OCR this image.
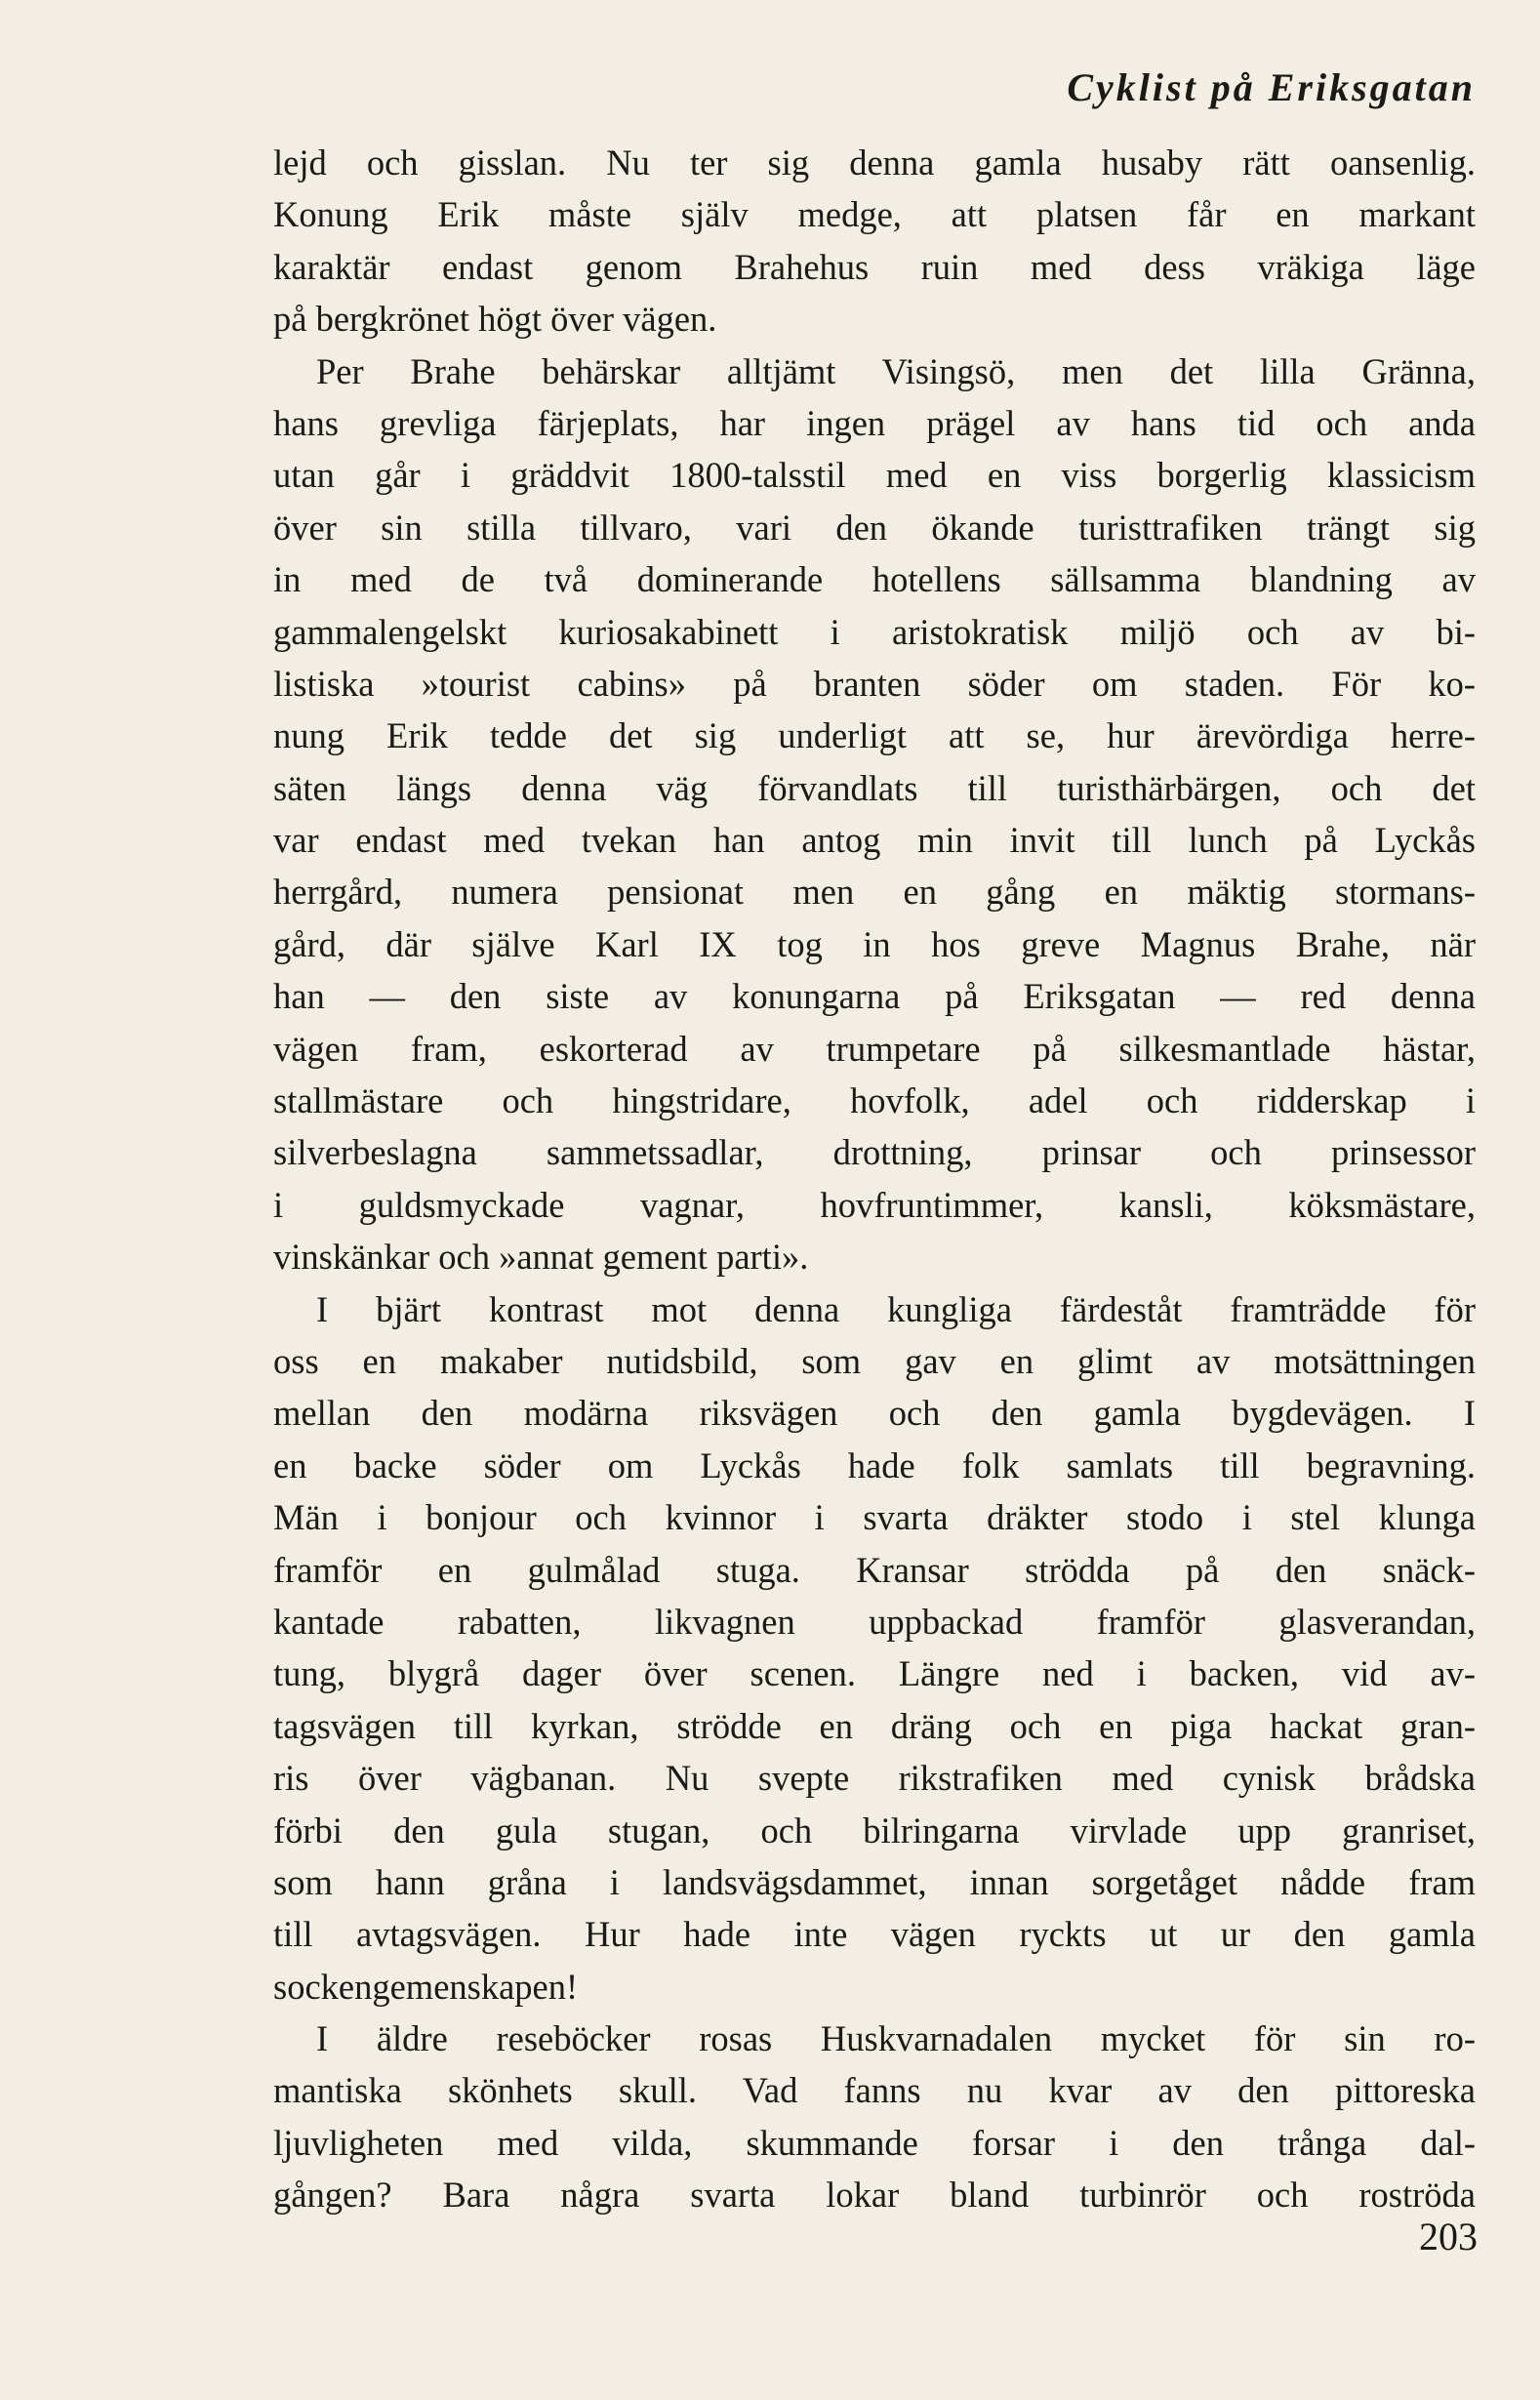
Cyklist på Eriksgatan
lejd och gisslan. Nu ter sig denna gamla husaby rätt oansenlig.
Konung Erik måste själv medge, att platsen får en markant
karaktär endast genom Brahehus ruin med dess vräkiga läge
på bergkrönet högt över vägen.
Per Brahe behärskar alltjämt Visingsö, men det lilla Gränna,
hans grevliga färjeplats, har ingen prägel av hans tid och anda
utan går i gräddvit 1800-talsstil med en viss borgerlig klassicism
över sin stilla tillvaro, vari den ökande turisttrafiken trängt sig
in med de två dominerande hotellens sällsamma blandning av
gammalengelskt kuriosakabinett i aristokratisk miljö och av bi-
listiska »tourist cabins» på branten söder om staden. För ko-
nung Erik tedde det sig underligt att se, hur ärevördiga herre-
säten längs denna väg förvandlats till turisthärbärgen, och det
var endast med tvekan han antog min invit till lunch på Lyckås
herrgård, numera pensionat men en gång en mäktig stormans-
gård, där själve Karl IX tog in hos greve Magnus Brahe, när
han — den siste av konungarna på Eriksgatan — red denna
vägen fram, eskorterad av trumpetare på silkesmantlade hästar,
stallmästare och hingstridare, hovfolk, adel och ridderskap i
silverbeslagna sammetssadlar, drottning, prinsar och prinsessor
i guldsmyckade vagnar, hovfruntimmer, kansli, köksmästare,
vinskänkar och »annat gement parti».
I bjärt kontrast mot denna kungliga färdeståt framträdde för
oss en makaber nutidsbild, som gav en glimt av motsättningen
mellan den modärna riksvägen och den gamla bygdevägen. I
en backe söder om Lyckås hade folk samlats till begravning.
Män i bonjour och kvinnor i svarta dräkter stodo i stel klunga
framför en gulmålad stuga. Kransar strödda på den snäck-
kantade rabatten, likvagnen uppbackad framför glasverandan,
tung, blygrå dager över scenen. Längre ned i backen, vid av-
tagsvägen till kyrkan, strödde en dräng och en piga hackat gran-
ris över vägbanan. Nu svepte rikstrafiken med cynisk brådska
förbi den gula stugan, och bilringarna virvlade upp granriset,
som hann gråna i landsvägsdammet, innan sorgetåget nådde fram
till avtagsvägen. Hur hade inte vägen ryckts ut ur den gamla
sockengemenskapen!
I äldre reseböcker rosas Huskvarnadalen mycket för sin ro-
mantiska skönhets skull. Vad fanns nu kvar av den pittoreska
ljuvligheten med vilda, skummande forsar i den trånga dal-
gången? Bara några svarta lokar bland turbinrör och roströda
203
